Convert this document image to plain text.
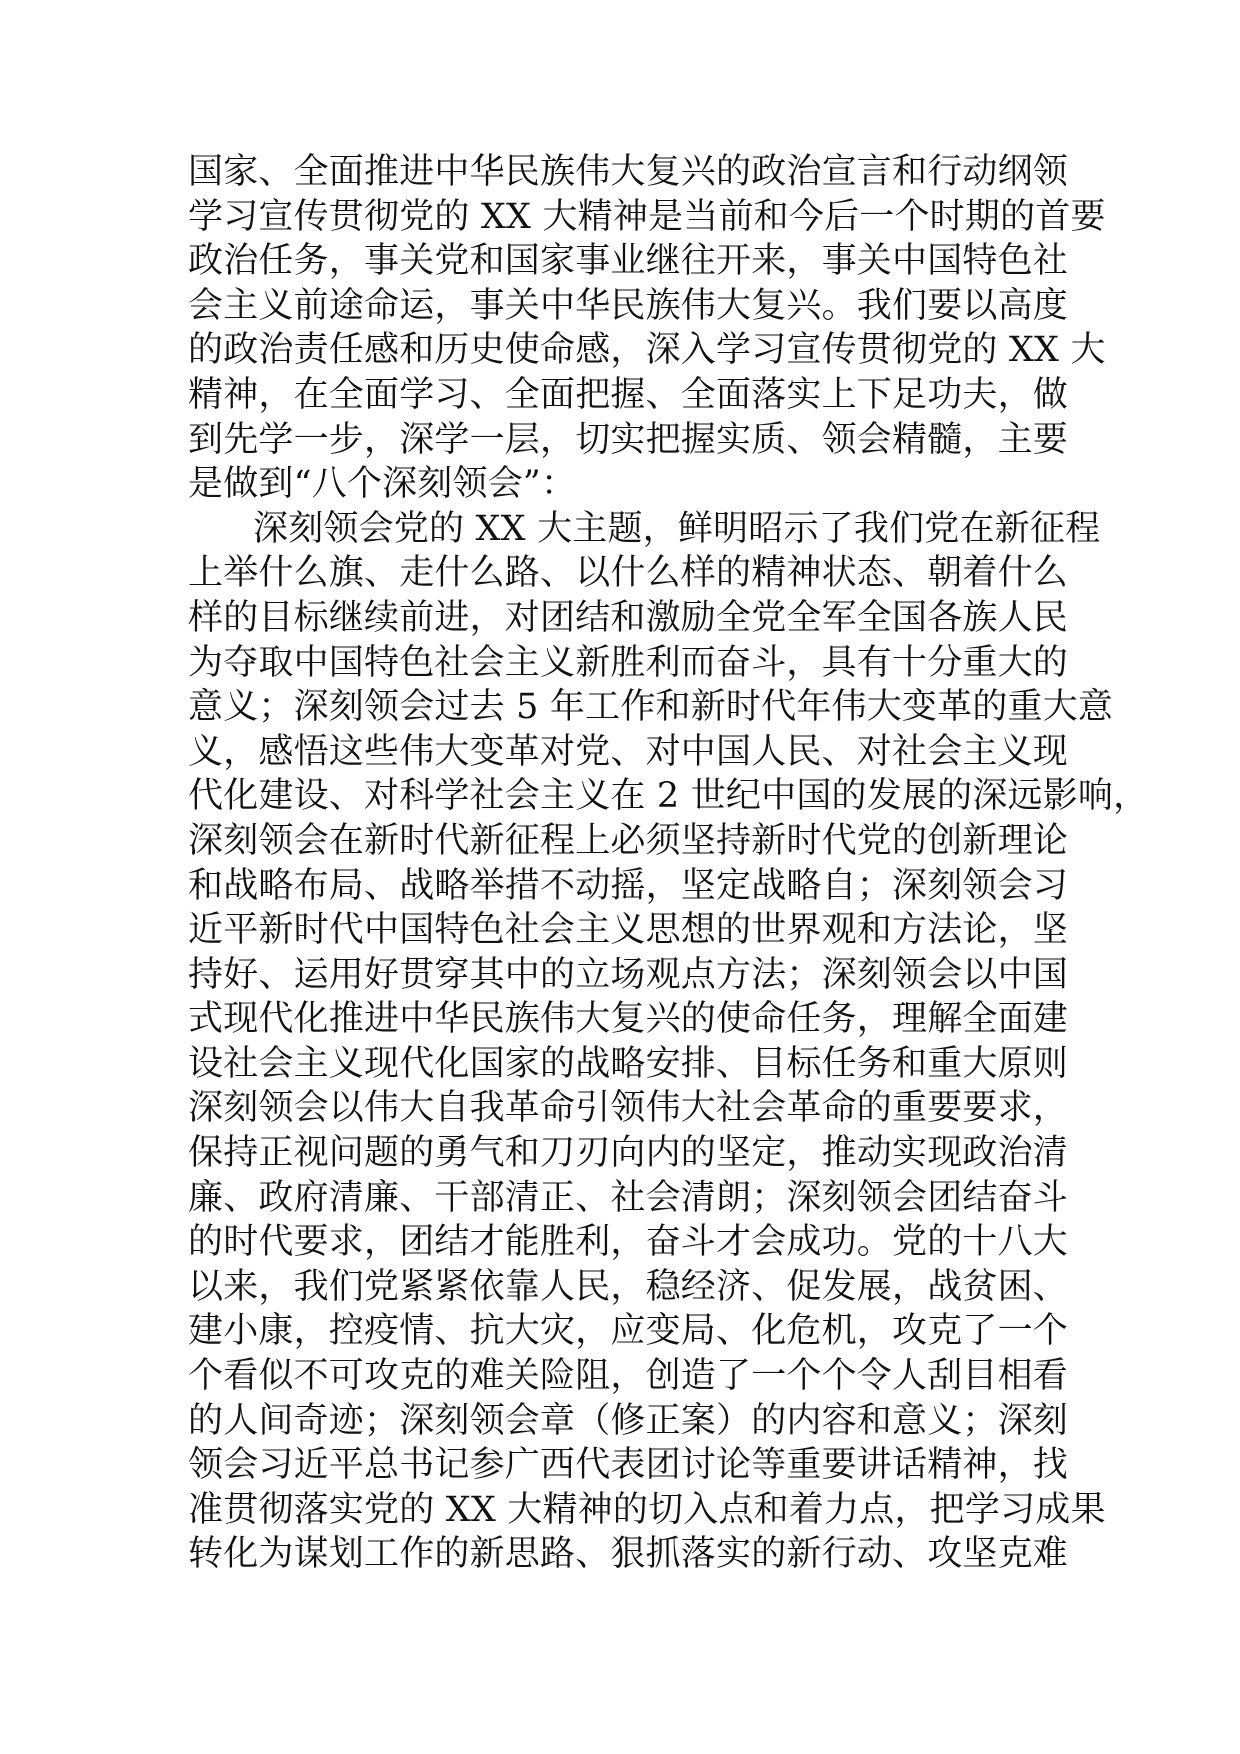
国家、全面推进中华民族伟大复兴的政治宣言和行动纲领
学习宣传贯彻党的 XX 大精神是当前和今后一个时期的首要
政治任务，事关党和国家事业继往开来，事关中国特色社
会主义前途命运，事关中华民族伟大复兴。我们要以高度
的政治责任感和历史使命感，深入学习宣传贯彻党的 XX 大
精神，在全面学习、全面把握、全面落实上下足功夫，做
到先学一步，深学一层，切实把握实质、领会精髓，主要
是做到“八个深刻领会”：
深刻领会党的 XX 大主题，鲜明昭示了我们党在新征程
上举什么旗、走什么路、以什么样的精神状态、朝着什么
样的目标继续前进，对团结和激励全党全军全国各族人民
为夺取中国特色社会主义新胜利而奋斗，具有十分重大的
意义；深刻领会过去 5 年工作和新时代年伟大变革的重大意
义，感悟这些伟大变革对党、对中国人民、对社会主义现
代化建设、对科学社会主义在 2 世纪中国的发展的深远影响，
深刻领会在新时代新征程上必须坚持新时代党的创新理论
和战略布局、战略举措不动摇，坚定战略自；深刻领会习
近平新时代中国特色社会主义思想的世界观和方法论，坚
持好、运用好贯穿其中的立场观点方法；深刻领会以中国
式现代化推进中华民族伟大复兴的使命任务，理解全面建
设社会主义现代化国家的战略安排、目标任务和重大原则
深刻领会以伟大自我革命引领伟大社会革命的重要要求，
保持正视问题的勇气和刀刃向内的坚定，推动实现政治清
廉、政府清廉、干部清正、社会清朗；深刻领会团结奋斗
的时代要求，团结才能胜利，奋斗才会成功。党的十八大
以来，我们党紧紧依靠人民，稳经济、促发展，战贫困、
建小康，控疫情、抗大灾，应变局、化危机，攻克了一个
个看似不可攻克的难关险阻，创造了一个个令人刮目相看
的人间奇迹；深刻领会章（修正案）的内容和意义；深刻
领会习近平总书记参广西代表团讨论等重要讲话精神，找
准贯彻落实党的 XX 大精神的切入点和着力点，把学习成果
转化为谋划工作的新思路、狠抓落实的新行动、攻坚克难
